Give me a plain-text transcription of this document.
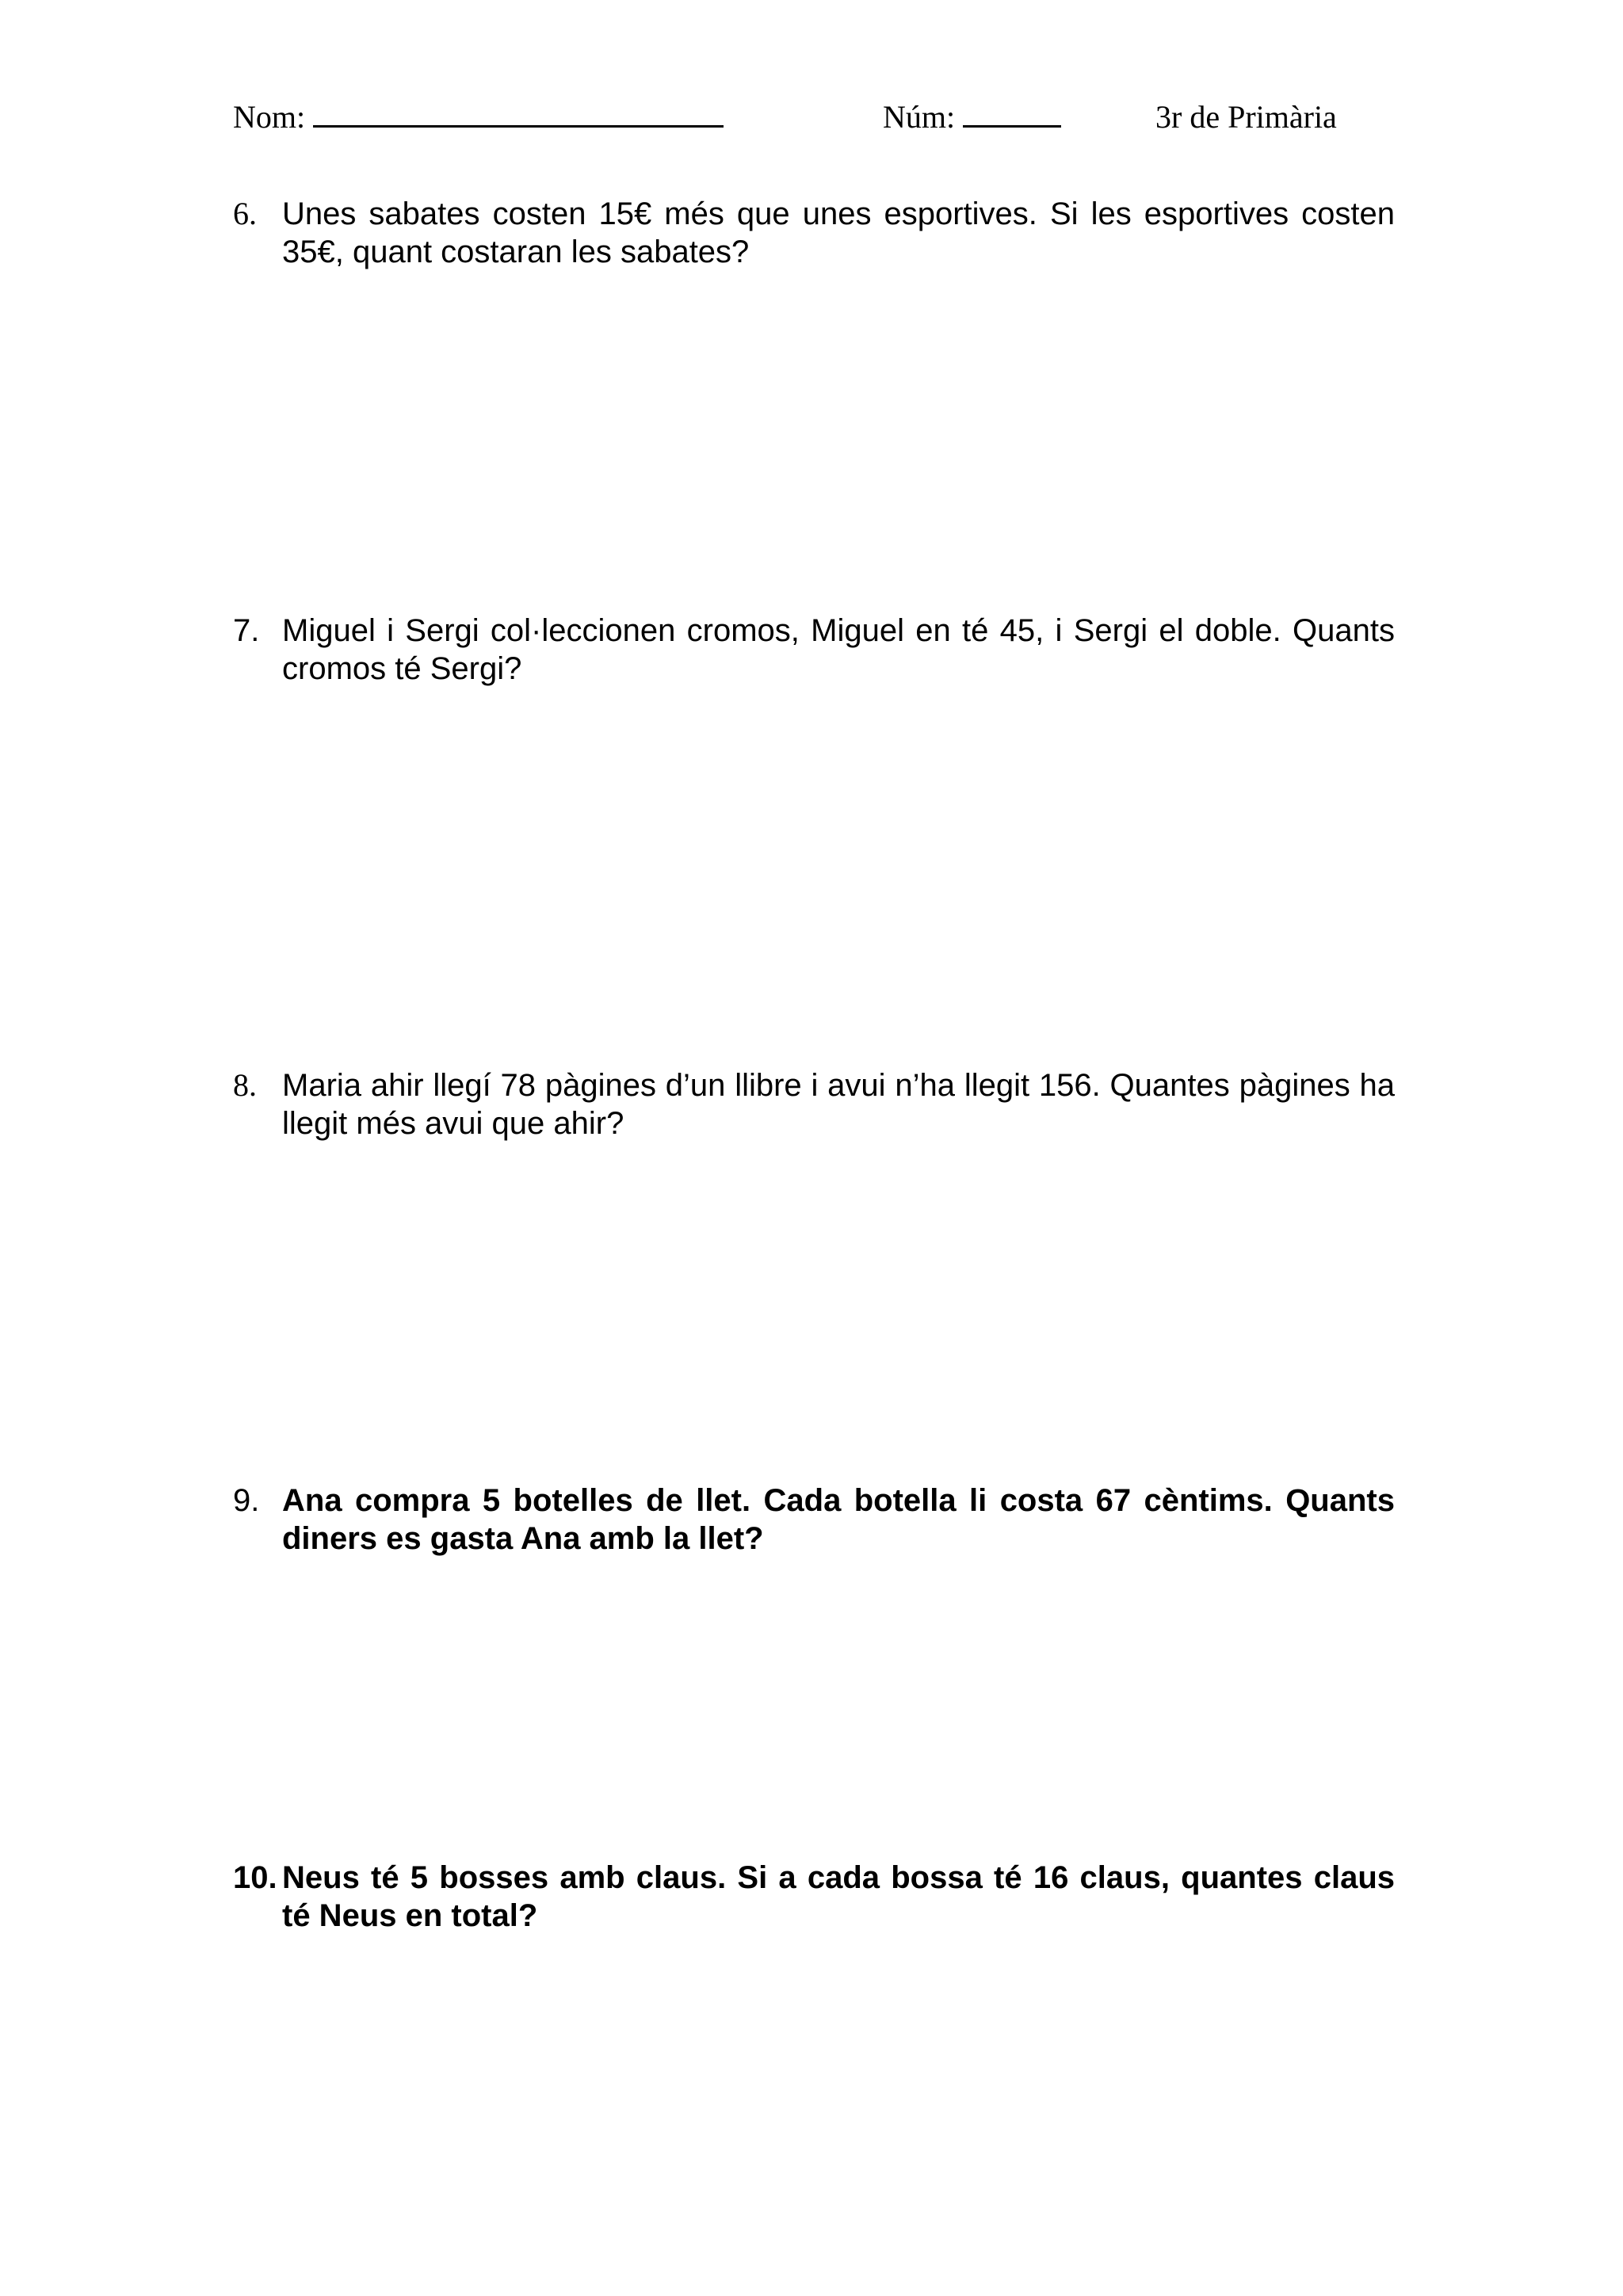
Nom:	Núm:	3r de Primària
6. Unes sabates costen 15€ més que unes esportives. Si les esportives costen 35€, quant costaran les sabates?
7. Miguel i Sergi col·leccionen cromos, Miguel en té 45, i Sergi el doble. Quants cromos té Sergi?
8. Maria ahir llegí 78 pàgines d’un llibre i avui n’ha llegit 156. Quantes pàgines ha llegit més avui que ahir?
9. Ana compra 5 botelles de llet. Cada botella li costa 67 cèntims. Quants diners es gasta Ana amb la llet?
10. Neus té 5 bosses amb claus. Si a cada bossa té 16 claus, quantes claus té Neus en total?
